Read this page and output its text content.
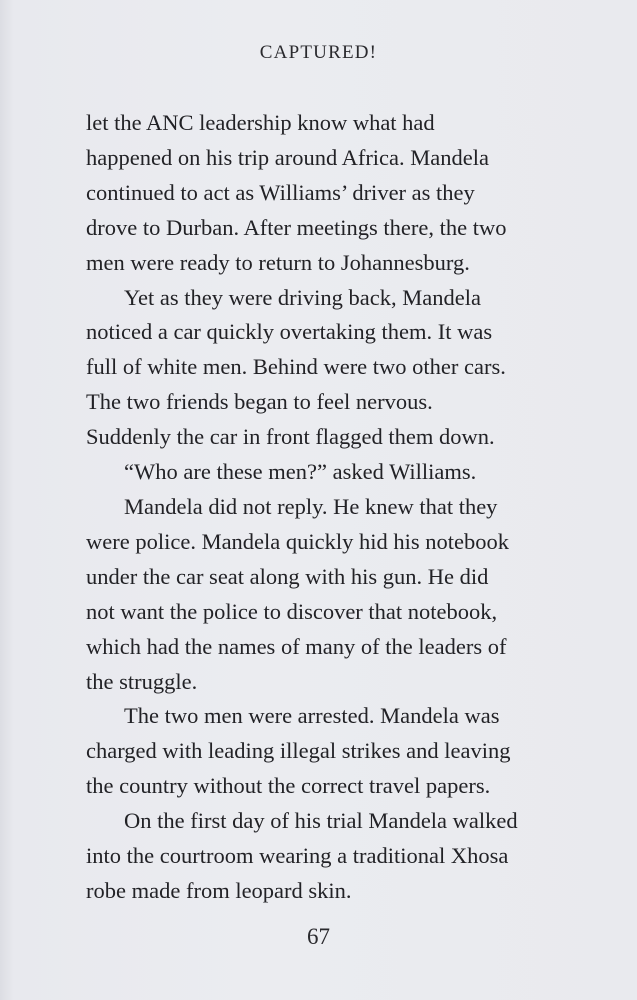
CAPTURED!
let the ANC leadership know what had
happened on his trip around Africa. Mandela
continued to act as Williams’ driver as they
drove to Durban. After meetings there, the two
men were ready to return to Johannesburg.
Yet as they were driving back, Mandela
noticed a car quickly overtaking them. It was
full of white men. Behind were two other cars.
The two friends began to feel nervous.
Suddenly the car in front flagged them down.
“Who are these men?” asked Williams.
Mandela did not reply. He knew that they
were police. Mandela quickly hid his notebook
under the car seat along with his gun. He did
not want the police to discover that notebook,
which had the names of many of the leaders of
the struggle.
The two men were arrested. Mandela was
charged with leading illegal strikes and leaving
the country without the correct travel papers.
On the first day of his trial Mandela walked
into the courtroom wearing a traditional Xhosa
robe made from leopard skin.
67
